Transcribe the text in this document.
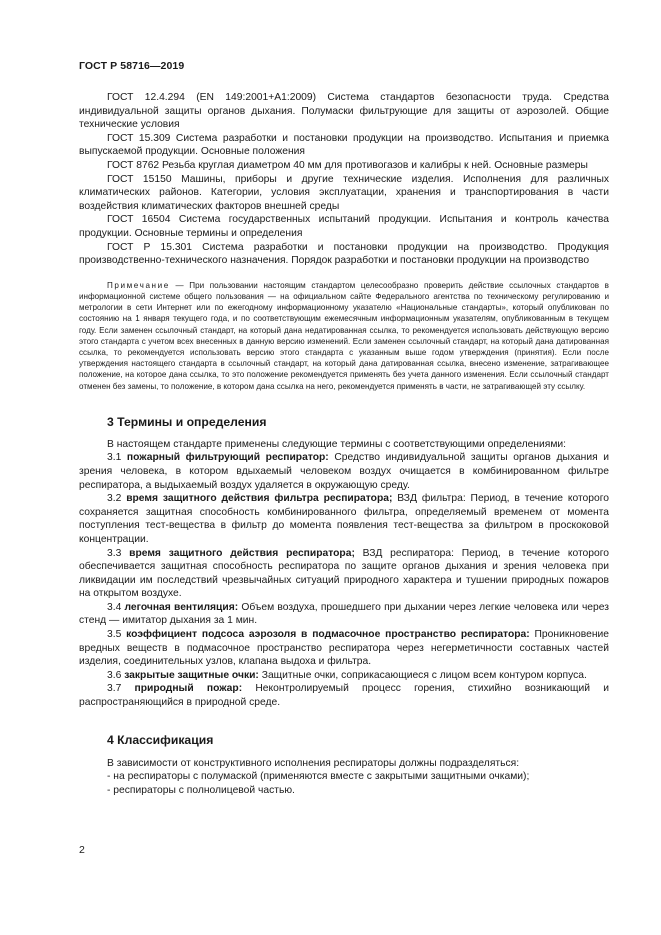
ГОСТ Р 58716—2019

ГОСТ 12.4.294 (EN 149:2001+A1:2009) Система стандартов безопасности труда. Средства индивидуальной защиты органов дыхания. Полумаски фильтрующие для защиты от аэрозолей. Общие технические условия

ГОСТ 15.309 Система разработки и постановки продукции на производство. Испытания и приемка выпускаемой продукции. Основные положения

ГОСТ 8762 Резьба круглая диаметром 40 мм для противогазов и калибры к ней. Основные размеры

ГОСТ 15150 Машины, приборы и другие технические изделия. Исполнения для различных климатических районов. Категории, условия эксплуатации, хранения и транспортирования в части воздействия климатических факторов внешней среды

ГОСТ 16504 Система государственных испытаний продукции. Испытания и контроль качества продукции. Основные термины и определения

ГОСТ Р 15.301 Система разработки и постановки продукции на производство. Продукция производственно-технического назначения. Порядок разработки и постановки продукции на производство

Примечание — При пользовании настоящим стандартом целесообразно проверить действие ссылочных стандартов в информационной системе общего пользования — на официальном сайте Федерального агентства по техническому регулированию и метрологии в сети Интернет или по ежегодному информационному указателю «Национальные стандарты», который опубликован по состоянию на 1 января текущего года, и по соответствующим ежемесячным информационным указателям, опубликованным в текущем году. Если заменен ссылочный стандарт, на который дана недатированная ссылка, то рекомендуется использовать действующую версию этого стандарта с учетом всех внесенных в данную версию изменений. Если заменен ссылочный стандарт, на который дана датированная ссылка, то рекомендуется использовать версию этого стандарта с указанным выше годом утверждения (принятия). Если после утверждения настоящего стандарта в ссылочный стандарт, на который дана датированная ссылка, внесено изменение, затрагивающее положение, на которое дана ссылка, то это положение рекомендуется применять без учета данного изменения. Если ссылочный стандарт отменен без замены, то положение, в котором дана ссылка на него, рекомендуется применять в части, не затрагивающей эту ссылку.

3 Термины и определения

В настоящем стандарте применены следующие термины с соответствующими определениями:

3.1 пожарный фильтрующий респиратор: Средство индивидуальной защиты органов дыхания и зрения человека, в котором вдыхаемый человеком воздух очищается в комбинированном фильтре респиратора, а выдыхаемый воздух удаляется в окружающую среду.

3.2 время защитного действия фильтра респиратора; ВЗД фильтра: Период, в течение которого сохраняется защитная способность комбинированного фильтра, определяемый временем от момента поступления тест-вещества в фильтр до момента появления тест-вещества за фильтром в проскоковой концентрации.

3.3 время защитного действия респиратора; ВЗД респиратора: Период, в течение которого обеспечивается защитная способность респиратора по защите органов дыхания и зрения человека при ликвидации им последствий чрезвычайных ситуаций природного характера и тушении природных пожаров на открытом воздухе.

3.4 легочная вентиляция: Объем воздуха, прошедшего при дыхании через легкие человека или через стенд — имитатор дыхания за 1 мин.

3.5 коэффициент подсоса аэрозоля в подмасочное пространство респиратора: Проникновение вредных веществ в подмасочное пространство респиратора через негерметичности составных частей изделия, соединительных узлов, клапана выдоха и фильтра.

3.6 закрытые защитные очки: Защитные очки, соприкасающиеся с лицом всем контуром корпуса.

3.7 природный пожар: Неконтролируемый процесс горения, стихийно возникающий и распространяющийся в природной среде.

4 Классификация

В зависимости от конструктивного исполнения респираторы должны подразделяться:

- на респираторы с полумаской (применяются вместе с закрытыми защитными очками);

- респираторы с полнолицевой частью.

2
